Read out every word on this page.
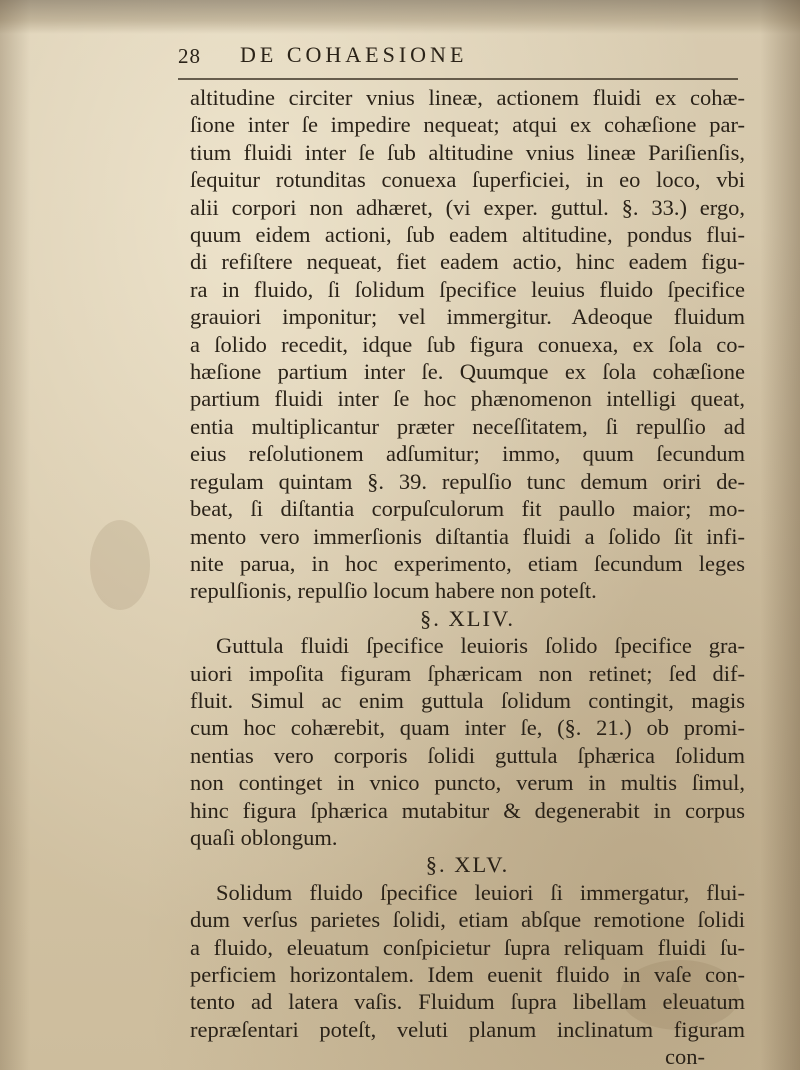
28 DE COHAESIONE
altitudine circiter vnius lineæ, actionem fluidi ex cohæ-
ſione inter ſe impedire nequeat; atqui ex cohæſione par-
tium fluidi inter ſe ſub altitudine vnius lineæ Pariſienſis,
ſequitur rotunditas conuexa ſuperficiei, in eo loco, vbi
alii corpori non adhæret, (vi exper. guttul. §. 33.) ergo,
quum eidem actioni, ſub eadem altitudine, pondus flui-
di refiſtere nequeat, fiet eadem actio, hinc eadem figu-
ra in fluido, ſi ſolidum ſpecifice leuius fluido ſpecifice
grauiori imponitur; vel immergitur. Adeoque fluidum
a ſolido recedit, idque ſub figura conuexa, ex ſola co-
hæſione partium inter ſe. Quumque ex ſola cohæſione
partium fluidi inter ſe hoc phænomenon intelligi queat,
entia multiplicantur præter neceſſitatem, ſi repulſio ad
eius reſolutionem adſumitur; immo, quum ſecundum
regulam quintam §. 39. repulſio tunc demum oriri de-
beat, ſi diſtantia corpuſculorum fit paullo maior; mo-
mento vero immerſionis diſtantia fluidi a ſolido ſit infi-
nite parua, in hoc experimento, etiam ſecundum leges
repulſionis, repulſio locum habere non poteſt.
§. XLIV.
Guttula fluidi ſpecifice leuioris ſolido ſpecifice gra-
uiori impoſita figuram ſphæricam non retinet; ſed dif-
fluit. Simul ac enim guttula ſolidum contingit, magis
cum hoc cohærebit, quam inter ſe, (§. 21.) ob promi-
nentias vero corporis ſolidi guttula ſphærica ſolidum
non continget in vnico puncto, verum in multis ſimul,
hinc figura ſphærica mutabitur & degenerabit in corpus
quaſi oblongum.
§. XLV.
Solidum fluido ſpecifice leuiori ſi immergatur, flui-
dum verſus parietes ſolidi, etiam abſque remotione ſolidi
a fluido, eleuatum conſpicietur ſupra reliquam fluidi ſu-
perficiem horizontalem. Idem euenit fluido in vaſe con-
tento ad latera vaſis. Fluidum ſupra libellam eleuatum
repræſentari poteſt, veluti planum inclinatum figuram
con-
